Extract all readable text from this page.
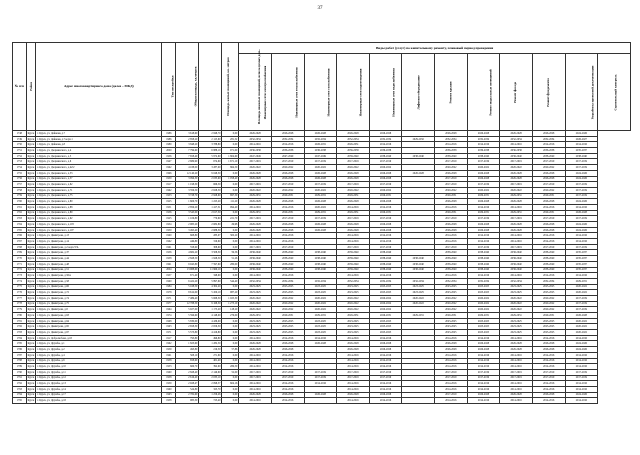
37
№ п/п	Район	Адрес многоквартирного дома (далее – МКД)	Тип постройки	Общая площадь, кв.метров	Площадь жилых помещений, кв. метров	Площадь нежилых помещений, используемых для...	Виды работ (услуг) по капитальному ремонту, плановый период проведения											
							Инженерные сети электроснабжения	Инженерные сети теплоснабжения	Инженерные сети газоснабжения	Инженерные сети водоотведения	Инженерные сети водоснабжения	Лифтовое оборудование	Ремонт крыши	Ремонт подвальных помещений	Ремонт фасада	Ремонт фундамента	Разработка проектной документации	Строительный контроль
1748	Курск	г. Курск, ул. Дейнеки, д.7	1986	3 618,60	2 848,70	0,00	2026-2028	2026-2028	2026-2028	2026-2028	2026-2028		2026-2028	2026-2028	2026-2028	2026-2028	2024-2026	
1749	Курск	г. Курск, ул. Дейнеки, д.7 корп.1	1986	2 858,20	2 125,60	281,52	2032-2034	2032-2034	2032-2034	2032-2034	2032-2034	2029-2032	2032-2034	2032-2034	2032-2034	2032-2034	2026-2027	
1750	Курск	г. Курск, ул. Дейнеки, д.8	1989	3 848,20	3 788,80	0,00	2014-2016	2014-2016	2026-2031	2026-2031	2014-2016		2014-2016	2014-2016	2014-2016	2014-2016	2014-2016	
1751	Курск	г. Курск, ул. Дзержинского, д.4	2000	7 799,60	6 888,10	971,00	2036-2038	2036-2038	2036-2038	2036-2038	2036-2038		2036-2038	2036-2038	2036-2038	2036-2038	2035-2037	
1752	Курск	г. Курск, ул. Дзержинского, д.5	1956	7 658,40	5 972,60	1 804,60	2047-2049	2047-2049	2047-2049	2038-2040	2038-2040	2038-2040	2038-2040	2038-2040	2038-2040	2038-2040	2038-2040	
1753	Курск	г. Курск, ул. Дзержинского, д.6	1947	2 689,90	674,60	1 671,10	2017-2019	2017-2019	2017-2019	2017-2019	2017-2019		2017-2019	2017-2019	2017-2019	2017-2019	2017-2019	
1754	Курск	г. Курск, ул. Дзержинского, д.42/2	1962	4 188,00	3 287,00	864,50	2020-2022	2020-2022	2020-2022	2020-2022	2020-2022		2020-2022	2020-2022	2020-2022	2020-2022	2017-2019	
1755	Курск	г. Курск, ул. Дзержинского, д.53	1996	12 140,20	9 048,30	0,00	2026-2028	2026-2028	2026-2028	2026-2028	2026-2028	2026-2028	2026-2028	2026-2028	2026-2028	2026-2028	2024-2026	
1756	Курск	г. Курск, ул. Дзержинского, д.57	1950	3 096,30	2 035,90	1 058,40	2026-2028	2026-2028	2026-2028	2026-2028	2026-2028		2017-2019	2026-2028	2026-2028	2026-2028	2024-2026	
1757	Курск	г. Курск, ул. Дзержинского, д.62	1917	1 018,30	666,50	0,00	2017-2019	2017-2019	2017-2019	2017-2019	2017-2019		2017-2019	2017-2019	2017-2019	2017-2019	2017-2019	
1758	Курск	г. Курск, ул. Дзержинского, д.71	1962	3 356,50	2 628,50	0,00	2020-2022	2020-2022	2020-2022	2020-2022	2020-2022		2020-2022	2020-2022	2020-2022	2020-2022	2017-2019	
1759	Курск	г. Курск, ул. Дзержинского, д.75	1953	3 728,70	2 928,60	697,50	2029-2031	2029-2031	2029-2031	2029-2031	2029-2031		2029-2031	2029-2031	2029-2031	2029-2031	2017-2019	
1760	Курск	г. Курск, ул. Дзержинского, д.80	1925	1 606,70	1 225,20	111,20	2026-2028	2026-2028	2026-2028	2026-2028	2026-2028		2026-2028	2026-2028	2026-2028	2026-2028	2024-2026	
1761	Курск	г. Курск, ул. Дзержинского, д.88	1951	2 856,20	1 417,51	994,40	2014-2016	2014-2016	2020-2022	2014-2016	2014-2016		2014-2016	2014-2016	2014-2016	2014-2016	2014-2016	
1762	Курск	г. Курск, ул. Дзержинского, д.89	1956	3 545,00	2 617,50	0,00	2029-2031	2029-2031	2029-2031	2029-2031	2029-2031		2029-2031	2029-2031	2029-2031	2029-2031	2026-2028	
1763	Курск	г. Курск, ул. Дзержинского, д.92	1925	1 106,80	770,60	221,70	2017-2019	2017-2019	2017-2019	2017-2019	2017-2019		2017-2019	2017-2019	2017-2019	2017-2019	2017-2019	
1764	Курск	г. Курск, ул. Дзержинского, д.103	1954	2 985,20	2 682,80	29,98	2026-2028	2026-2028	2026-2028	2026-2028	2026-2028		2026-2028	2026-2028	2026-2028	2026-2028	2024-2026	
1765	Курск	г. Курск, ул. Дзержинского, д.107	1950	3 495,40	2 688,30	0,00	2026-2028	2026-2028	2026-2028	2026-2028	2026-2028		2026-2028	2026-2028	2026-2028	2026-2028	2024-2026	
1766	Курск	г. Курск, ул. Димитрова, д.13	1960	668,80	283,07	300,20	2014-2016	2014-2016		2014-2016	2014-2016		2014-2016	2014-2016	2014-2016	2014-2016	2014-2016	
1767	Курск	г. Курск, ул. Димитрова, д.14	1962	449,80	319,60	0,00	2014-2016	2014-2016		2014-2016	2014-2016		2014-2016	2014-2016	2014-2016	2014-2016	2014-2016	
1768	Курск	г. Курск, ул. Димитрова, д.2 корп.37А	1961	558,60	308,60	0,00	2017-2019	2017-2019		2017-2019	2017-2019		2017-2019	2017-2019	2017-2019	2017-2019	2017-2019	
1769	Курск	г. Курск, ул. Димитрова, д.37	1956	4 682,20	3 508,30	59,56	2038-2040	2038-2040	2038-2040	2038-2040	2038-2040		2038-2040	2038-2040	2038-2040	2038-2040	2035-2037	
1770	Курск	г. Курск, ул. Димитрова, д.44	1958	2 828,50	1 928,50	51,26	2038-2040	2038-2040	2038-2040	2038-2040	2038-2040	2038-2040	2038-2040	2038-2040	2038-2040	2038-2040	2035-2037	
1771	Курск	г. Курск, ул. Димитрова, д.48	1991	9 945,80	7 597,60	280,00	2038-2040	2038-2040	2038-2040	2038-2040	2038-2040	2038-2040	2038-2040	2038-2040	2038-2040	2038-2040	2035-2037	
1772	Курск	г. Курск, ул. Димитрова, д.51	2004	13 988,60	11 960,10	0,00	2038-2040	2038-2040	2038-2040	2038-2040	2038-2040	2038-2040	2038-2040	2038-2040	2038-2040	2038-2040	2035-2037	
1773	Курск	г. Курск, ул. Димитрова, д.56А	1957	671,40	348,90	0,00	2014-2016	2014-2016		2014-2016	2014-2016		2014-2016	2014-2016	2014-2016	2014-2016	2014-2016	
1774	Курск	г. Курск, ул. Димитрова, д.58	1960	6 422,20	5 897,60	544,40	2032-2034	2032-2034	2032-2034	2032-2034	2032-2034	2032-2034	2032-2034	2032-2034	2032-2034	2032-2034	2029-2031	
1775	Курск	г. Курск, ул. Димитрова, д.66	1984	5 168,50	4 302,20	0,00	2023-2025	2023-2025	2023-2025	2023-2025	2023-2025	2023-2025	2023-2025	2023-2025	2023-2025	2023-2025	2020-2022	
1776	Курск	г. Курск, ул. Димитрова, д.72	1978	8 612,00	5 450,10	987,20	2023-2025	2023-2025	2023-2025	2023-2025	2023-2025	2023-2025	2023-2025	2023-2025	2023-2025	2023-2025	2020-2022	
1777	Курск	г. Курск, ул. Димитрова, д.74	1971	7 489,40	5 668,30	1 025,30	2020-2022	2020-2022	2020-2022	2020-2022	2020-2022	2020-2022	2020-2022	2020-2022	2020-2022	2020-2022	2017-2019	
1778	Курск	г. Курск, ул. Димитрова, д.75	1977	12 788,50	9 168,30	1 273,10	2020-2022	2020-2022	2020-2022	2020-2022	2020-2022	2020-2022	2020-2022	2020-2022	2020-2022	2020-2022	2017-2019	
1779	Курск	г. Курск, ул. Димитрова, д.8	1964	5 927,00	1 175,20	128,20	2020-2022	2020-2022	2020-2022	2020-2022	2020-2022		2020-2022	2020-2022	2020-2022	2020-2022	2017-2019	
1780	Курск	г. Курск, ул. Димитрова, д.93	1974	5 596,60	4 148,00	276,00	2029-2031	2029-2031	2029-2031	2029-2031	2029-2031	2029-2031	2029-2031	2029-2031	2029-2031	2029-2031	2026-2028	
1781	Курск	г. Курск, ул. Димитрова, д.94	1968	5 830,00	4 436,00	0,00	2023-2025	2023-2025	2023-2025	2023-2025	2023-2025		2023-2025	2023-2025	2023-2025	2023-2025	2020-2022	
1782	Курск	г. Курск, ул. Димитрова, д.95	1963	2 658,30	2 656,30	0,00	2023-2025	2023-2025	2023-2025	2023-2025	2023-2025		2023-2025	2023-2025	2023-2025	2023-2025	2020-2022	
1783	Курск	г. Курск, ул. Димитрова, д.97	1971	5 573,80	4 416,80	0,00	2023-2025	2023-2025	2023-2025	2023-2025	2023-2025		2023-2025	2023-2025	2023-2025	2023-2025	2020-2022	
1784	Курск	г. Курск, ул. Добролюбова, д.18	1917	793,80	496,80	0,00	2014-2016	2014-2016	2014-2016	2014-2016	2014-2016		2014-2016	2014-2016	2014-2016	2014-2016	2014-2016	
1785	Курск	г. Курск, ул. Дружбы, д.1	1962	1 823,60	1 282,50	0,00	2026-2028	2026-2028	2026-2028	2026-2028	2026-2028		2026-2028	2026-2028	2026-2028	2026-2028	2024-2026	
1786	Курск	г. Курск, ул. Дружбы, д.2	1959	493,80	219,50	57,86	2026-2028	2026-2028		2026-2028	2026-2028		2026-2028	2026-2028	2026-2028	2026-2028	2024-2026	
1787	Курск	г. Курск, ул. Дружбы, д.4	1961	508,10	271,60	0,00	2014-2016	2014-2016		2014-2016	2014-2016		2014-2016	2014-2016	2014-2016	2014-2016	2014-2016	
1788	Курск	г. Курск, ул. Дружбы, д.6	1958	658,60	401,40	0,00	2014-2016	2014-2016		2014-2016	2014-2016		2014-2016	2014-2016	2014-2016	2014-2016	2014-2016	
1789	Курск	г. Курск, ул. Дружбы, д.10	1953	666,70	392,90	269,50	2014-2016	2014-2016		2014-2016	2014-2016		2014-2016	2014-2016	2014-2016	2014-2016	2014-2016	
1790	Курск	г. Курск, ул. Дружбы, д.11	1960	2 828,40	2 149,60	52,00	2017-2019	2017-2019	2017-2019	2017-2019	2017-2019		2017-2019	2017-2019	2017-2019	2017-2019	2017-2019	
1791	Курск	г. Курск, ул. Дружбы, д.12	1958	2 616,40	2 035,10	0,00	2017-2019	2017-2019	2017-2019	2017-2019	2017-2019		2017-2019	2017-2019	2017-2019	2017-2019	2017-2019	
1792	Курск	г. Курск, ул. Дружбы, д.13	1959	2 928,47	2 098,57	604,16	2014-2016	2014-2016	2014-2016	2014-2016	2014-2016		2014-2016	2014-2016	2014-2016	2014-2016	2014-2016	
1793	Курск	г. Курск, ул. Дружбы, д.14	1960	524,80	323,70	0,00	2014-2016	2014-2016		2014-2016	2014-2016		2014-2016	2014-2016	2014-2016	2014-2016	2014-2016	
1794	Курск	г. Курск, ул. Дружбы, д.17	1963	2 782,60	1 256,26	0,00	2026-2028	2026-2028	2026-2028	2026-2028	2026-2028		2017-2019	2026-2028	2026-2028	2026-2028	2024-2026	
1795	Курск	г. Курск, ул. Дружбы, д.18	1958	985,30	723,40	0,00	2014-2016	2014-2016		2014-2016	2014-2016		2014-2016	2014-2016	2014-2016	2014-2016	2014-2016	
